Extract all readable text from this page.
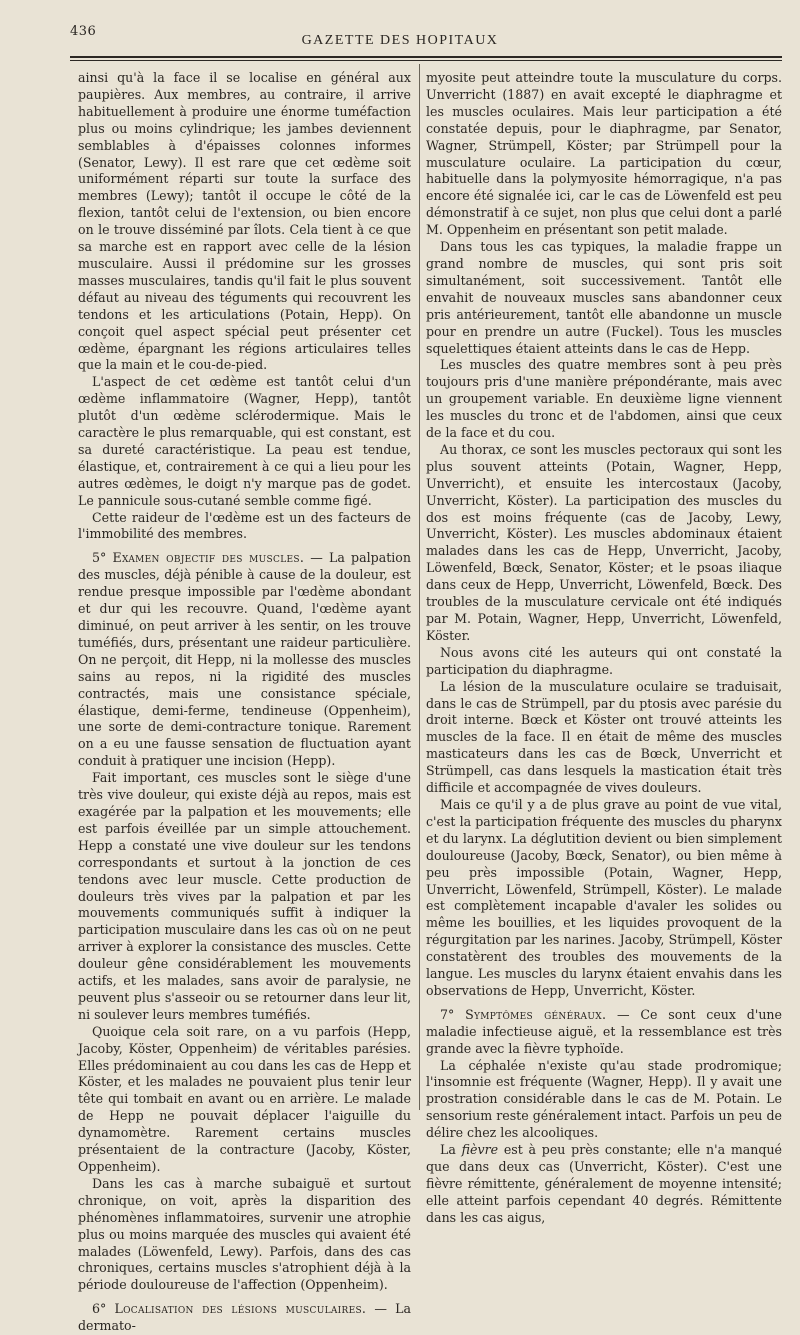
436
GAZETTE DES HOPITAUX

ainsi qu'à la face il se localise en général aux paupières. Aux membres, au contraire, il arrive habituellement à produire une énorme tuméfaction plus ou moins cylindrique; les jambes deviennent semblables à d'épaisses colonnes informes (Senator, Lewy). Il est rare que cet œdème soit uniformément réparti sur toute la surface des membres (Lewy); tantôt il occupe le côté de la flexion, tantôt celui de l'extension, ou bien encore on le trouve disséminé par îlots. Cela tient à ce que sa marche est en rapport avec celle de la lésion musculaire. Aussi il prédomine sur les grosses masses musculaires, tandis qu'il fait le plus souvent défaut au niveau des téguments qui recouvrent les tendons et les articulations (Potain, Hepp). On conçoit quel aspect spécial peut présenter cet œdème, épargnant les régions articulaires telles que la main et le cou-de-pied.

L'aspect de cet œdème est tantôt celui d'un œdème inflammatoire (Wagner, Hepp), tantôt plutôt d'un œdème sclérodermique. Mais le caractère le plus remarquable, qui est constant, est sa dureté caractéristique. La peau est tendue, élastique, et, contrairement à ce qui a lieu pour les autres œdèmes, le doigt n'y marque pas de godet. Le pannicule sous-cutané semble comme figé.

Cette raideur de l'œdème est un des facteurs de l'immobilité des membres.

5° Examen objectif des muscles. — La palpation des muscles, déjà pénible à cause de la douleur, est rendue presque impossible par l'œdème abondant et dur qui les recouvre. Quand, l'œdème ayant diminué, on peut arriver à les sentir, on les trouve tuméfiés, durs, présentant une raideur particulière. On ne perçoit, dit Hepp, ni la mollesse des muscles sains au repos, ni la rigidité des muscles contractés, mais une consistance spéciale, élastique, demi-ferme, tendineuse (Oppenheim), une sorte de demi-contracture tonique. Rarement on a eu une fausse sensation de fluctuation ayant conduit à pratiquer une incision (Hepp).

Fait important, ces muscles sont le siège d'une très vive douleur, qui existe déjà au repos, mais est exagérée par la palpation et les mouvements; elle est parfois éveillée par un simple attouchement. Hepp a constaté une vive douleur sur les tendons correspondants et surtout à la jonction de ces tendons avec leur muscle. Cette production de douleurs très vives par la palpation et par les mouvements communiqués suffit à indiquer la participation musculaire dans les cas où on ne peut arriver à explorer la consistance des muscles. Cette douleur gêne considérablement les mouvements actifs, et les malades, sans avoir de paralysie, ne peuvent plus s'asseoir ou se retourner dans leur lit, ni soulever leurs membres tuméfiés.

Quoique cela soit rare, on a vu parfois (Hepp, Jacoby, Köster, Oppenheim) de véritables parésies. Elles prédominaient au cou dans les cas de Hepp et Köster, et les malades ne pouvaient plus tenir leur tête qui tombait en avant ou en arrière. Le malade de Hepp ne pouvait déplacer l'aiguille du dynamomètre. Rarement certains muscles présentaient de la contracture (Jacoby, Köster, Oppenheim).

Dans les cas à marche subaiguë et surtout chronique, on voit, après la disparition des phénomènes inflammatoires, survenir une atrophie plus ou moins marquée des muscles qui avaient été malades (Löwenfeld, Lewy). Parfois, dans des cas chroniques, certains muscles s'atrophient déjà à la période douloureuse de l'affection (Oppenheim).

6° Localisation des lésions musculaires. — La dermato-

myosite peut atteindre toute la musculature du corps. Unverricht (1887) en avait excepté le diaphragme et les muscles oculaires. Mais leur participation a été constatée depuis, pour le diaphragme, par Senator, Wagner, Strümpell, Köster; par Strümpell pour la musculature oculaire. La participation du cœur, habituelle dans la polymyosite hémorragique, n'a pas encore été signalée ici, car le cas de Löwenfeld est peu démonstratif à ce sujet, non plus que celui dont a parlé M. Oppenheim en présentant son petit malade.

Dans tous les cas typiques, la maladie frappe un grand nombre de muscles, qui sont pris soit simultanément, soit successivement. Tantôt elle envahit de nouveaux muscles sans abandonner ceux pris antérieurement, tantôt elle abandonne un muscle pour en prendre un autre (Fuckel). Tous les muscles squelettiques étaient atteints dans le cas de Hepp.

Les muscles des quatre membres sont à peu près toujours pris d'une manière prépondérante, mais avec un groupement variable. En deuxième ligne viennent les muscles du tronc et de l'abdomen, ainsi que ceux de la face et du cou.

Au thorax, ce sont les muscles pectoraux qui sont les plus souvent atteints (Potain, Wagner, Hepp, Unverricht), et ensuite les intercostaux (Jacoby, Unverricht, Köster). La participation des muscles du dos est moins fréquente (cas de Jacoby, Lewy, Unverricht, Köster). Les muscles abdominaux étaient malades dans les cas de Hepp, Unverricht, Jacoby, Löwenfeld, Bœck, Senator, Köster; et le psoas iliaque dans ceux de Hepp, Unverricht, Löwenfeld, Bœck. Des troubles de la musculature cervicale ont été indiqués par M. Potain, Wagner, Hepp, Unverricht, Löwenfeld, Köster.

Nous avons cité les auteurs qui ont constaté la participation du diaphragme.

La lésion de la musculature oculaire se traduisait, dans le cas de Strümpell, par du ptosis avec parésie du droit interne. Bœck et Köster ont trouvé atteints les muscles de la face. Il en était de même des muscles masticateurs dans les cas de Bœck, Unverricht et Strümpell, cas dans lesquels la mastication était très difficile et accompagnée de vives douleurs.

Mais ce qu'il y a de plus grave au point de vue vital, c'est la participation fréquente des muscles du pharynx et du larynx. La déglutition devient ou bien simplement douloureuse (Jacoby, Bœck, Senator), ou bien même à peu près impossible (Potain, Wagner, Hepp, Unverricht, Löwenfeld, Strümpell, Köster). Le malade est complètement incapable d'avaler les solides ou même les bouillies, et les liquides provoquent de la régurgitation par les narines. Jacoby, Strümpell, Köster constatèrent des troubles des mouvements de la langue. Les muscles du larynx étaient envahis dans les observations de Hepp, Unverricht, Köster.

7° Symptômes généraux. — Ce sont ceux d'une maladie infectieuse aiguë, et la ressemblance est très grande avec la fièvre typhoïde.

La céphalée n'existe qu'au stade prodromique; l'insomnie est fréquente (Wagner, Hepp). Il y avait une prostration considérable dans le cas de M. Potain. Le sensorium reste généralement intact. Parfois un peu de délire chez les alcooliques.

La fièvre est à peu près constante; elle n'a manqué que dans deux cas (Unverricht, Köster). C'est une fièvre rémittente, généralement de moyenne intensité; elle atteint parfois cependant 40 degrés. Rémittente dans les cas aigus,
